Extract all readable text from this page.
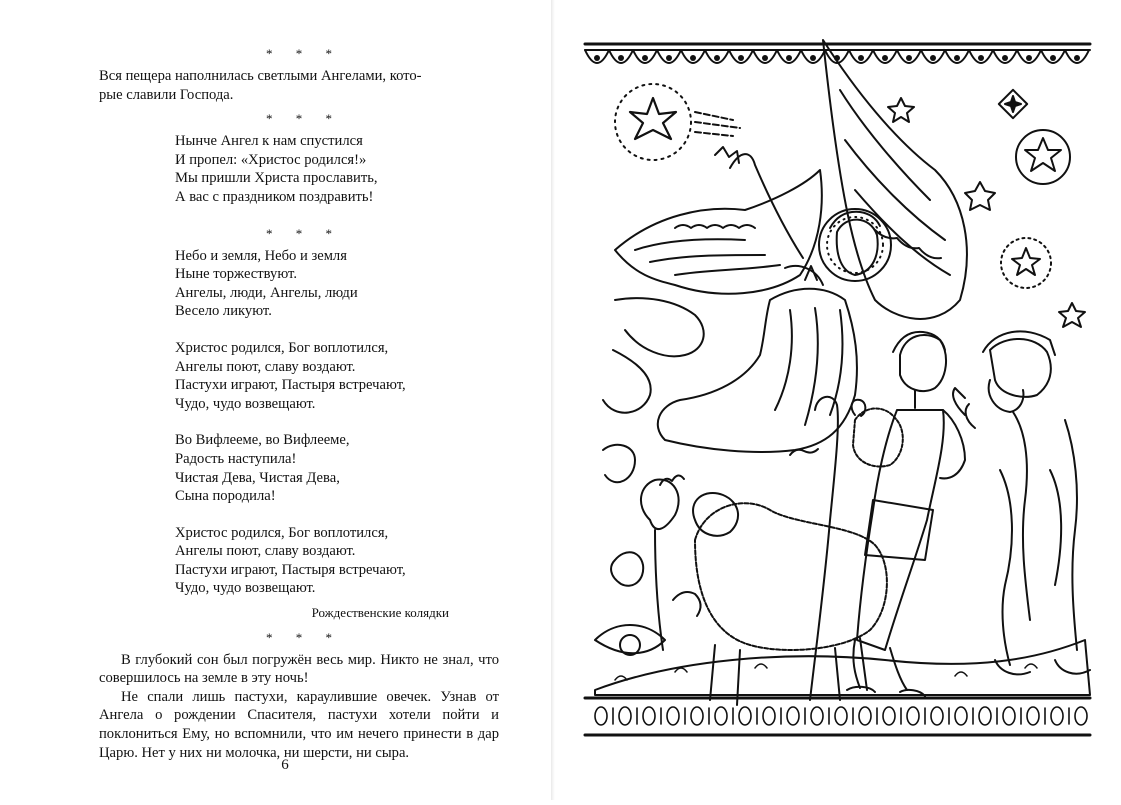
* * *
Вся пещера наполнилась светлыми Ангелами, кото-
рые славили Господа.
* * *
Нынче Ангел к нам спустился
И пропел: «Христос родился!»
Мы пришли Христа прославить,
А вас с праздником поздравить!
* * *
Небо и земля, Небо и земля
Ныне торжествуют.
Ангелы, люди, Ангелы, люди
Весело ликуют.
Христос родился, Бог воплотился,
Ангелы поют, славу воздают.
Пастухи играют, Пастыря встречают,
Чудо, чудо возвещают.
Во Вифлееме, во Вифлееме,
Радость наступила!
Чистая Дева, Чистая Дева,
Сына породила!
Христос родился, Бог воплотился,
Ангелы поют, славу воздают.
Пастухи играют, Пастыря встречают,
Чудо, чудо возвещают.
Рождественские колядки
* * *

В глубокий сон был погружён весь мир. Никто не знал, что совершилось на земле в эту ночь!

Не спали лишь пастухи, караулившие овечек. Узнав от Ангела о рождении Спасителя, пастухи хотели пойти и поклониться Ему, но вспомнили, что им нечего принести в дар Царю. Нет у них ни молочка, ни шерсти, ни сыра.

6
